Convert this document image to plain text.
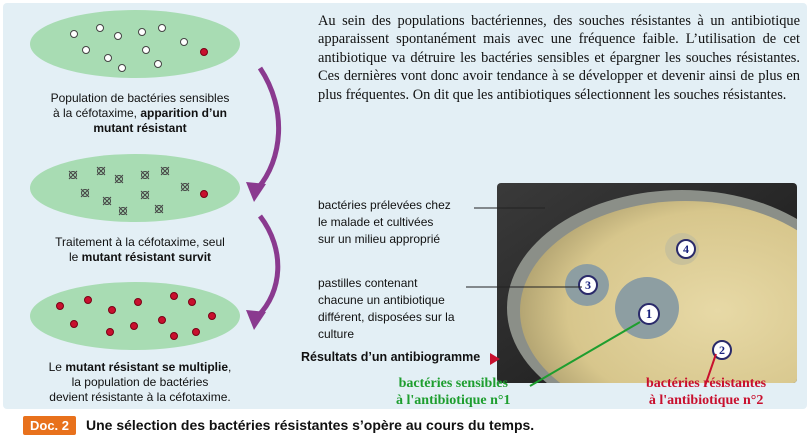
Population de bactéries sensibles
à la céfotaxime, apparition d’un
mutant résistant
Traitement à la céfotaxime, seul
le mutant résistant survit
Le mutant résistant se multiplie,
la population de bactéries
devient résistante à la céfotaxime.
Au sein des populations bactériennes, des souches résistantes à un antibiotique apparaissent spontanément mais avec une fréquence faible. L’utilisation de cet antibiotique va détruire les bactéries sensibles et épargner les souches résistantes. Ces dernières vont donc avoir tendance à se développer et devenir ainsi de plus en plus fréquentes. On dit que les antibiotiques sélectionnent les souches résistantes.
1
2
3
4
bactéries prélevées chez
le malade et cultivées
sur un milieu approprié
pastilles contenant
chacune un antibiotique
différent, disposées sur la
culture
Résultats d’un antibiogramme
bactéries sensibles
à l'antibiotique n°1
bactéries résistantes
à l'antibiotique n°2
Doc. 2	Une sélection des bactéries résistantes s’opère au cours du temps.
